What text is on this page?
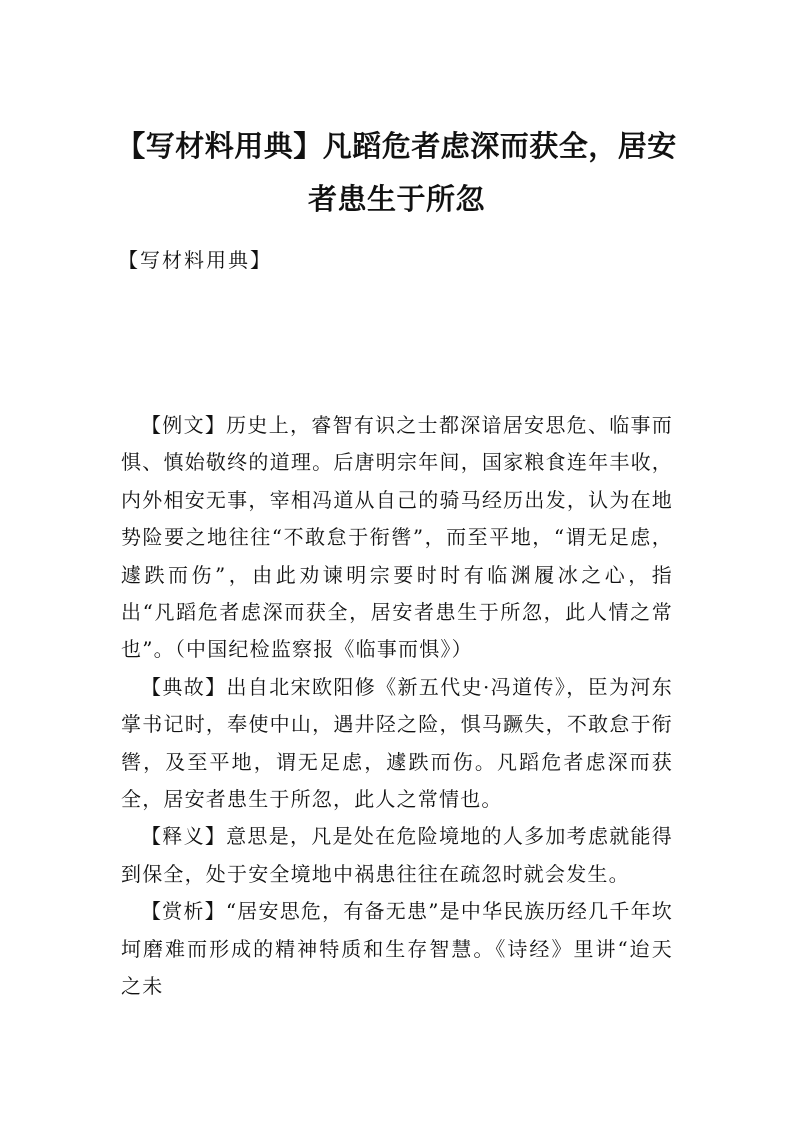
【写材料用典】凡蹈危者虑深而获全，居安者患生于所忽

【写材料用典】

【例文】历史上，睿智有识之士都深谙居安思危、临事而惧、慎始敬终的道理。后唐明宗年间，国家粮食连年丰收，内外相安无事，宰相冯道从自己的骑马经历出发，认为在地势险要之地往往“不敢怠于衔辔”，而至平地，“谓无足虑，遽跌而伤”，由此劝谏明宗要时时有临渊履冰之心，指出“凡蹈危者虑深而获全，居安者患生于所忽，此人情之常也”。（中国纪检监察报《临事而惧》）

【典故】出自北宋欧阳修《新五代史·冯道传》，臣为河东掌书记时，奉使中山，遇井陉之险，惧马蹶失，不敢怠于衔辔，及至平地，谓无足虑，遽跌而伤。凡蹈危者虑深而获全，居安者患生于所忽，此人之常情也。

【释义】意思是，凡是处在危险境地的人多加考虑就能得到保全，处于安全境地中祸患往往在疏忽时就会发生。

【赏析】“居安思危，有备无患”是中华民族历经几千年坎坷磨难而形成的精神特质和生存智慧。《诗经》里讲“迨天之未
